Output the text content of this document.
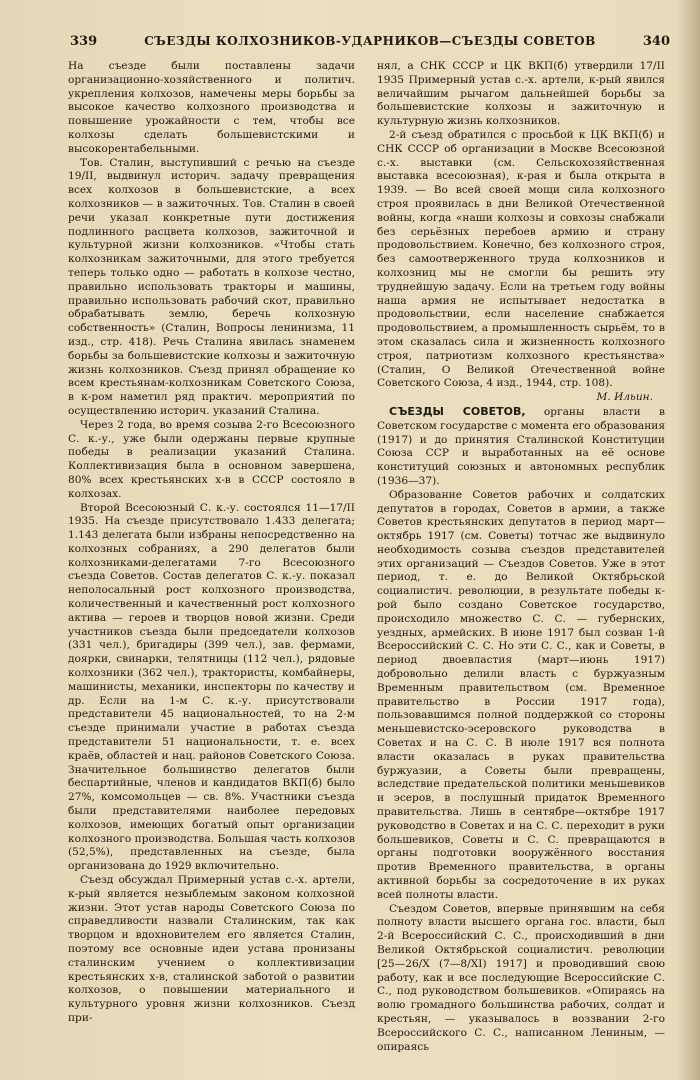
339	СЪЕЗДЫ КОЛХОЗНИКОВ-УДАРНИКОВ—СЪЕЗДЫ СОВЕТОВ	340

На съезде были поставлены задачи организационно-хозяйственного и политич. укрепления колхозов, намечены меры борьбы за высокое качество колхозного производства и повышение урожайности с тем, чтобы все колхозы сделать большевистскими и высокорентабельными.

Тов. Сталин, выступивший с речью на съезде 19/II, выдвинул историч. задачу превращения всех колхозов в большевистские, а всех колхозников — в зажиточных. Тов. Сталин в своей речи указал конкретные пути достижения подлинного расцвета колхозов, зажиточной и культурной жизни колхозников. «Чтобы стать колхозникам зажиточными, для этого требуется теперь только одно — работать в колхозе честно, правильно использовать тракторы и машины, правильно использовать рабочий скот, правильно обрабатывать землю, беречь колхозную собственность» (Сталин, Вопросы ленинизма, 11 изд., стр. 418). Речь Сталина явилась знаменем борьбы за большевистские колхозы и зажиточную жизнь колхозников. Съезд принял обращение ко всем крестьянам-колхозникам Советского Союза, в к-ром наметил ряд практич. мероприятий по осуществлению историч. указаний Сталина.

Через 2 года, во время созыва 2-го Всесоюзного С. к.-у., уже были одержаны первые крупные победы в реализации указаний Сталина. Коллективизация была в основном завершена, 80% всех крестьянских х-в в СССР состояло в колхозах.

Второй Всесоюзный С. к.-у. состоялся 11—17/II 1935. На съезде присутствовало 1.433 делегата; 1.143 делегата были избраны непосредственно на колхозных собраниях, а 290 делегатов были колхозниками-делегатами 7-го Всесоюзного съезда Советов. Состав делегатов С. к.-у. показал неполосальный рост колхозного производства, количественный и качественный рост колхозного актива — героев и творцов новой жизни. Среди участников съезда были председатели колхозов (331 чел.), бригадиры (399 чел.), зав. фермами, доярки, свинарки, телятницы (112 чел.), рядовые колхозники (362 чел.), трактористы, комбайнеры, машинисты, механики, инспекторы по качеству и др. Если на 1-м С. к.-у. присутствовали представители 45 национальностей, то на 2-м съезде принимали участие в работах съезда представители 51 национальности, т. е. всех краёв, областей и нац. районов Советского Союза. Значительное большинство делегатов были беспартийные, членов и кандидатов ВКП(б) было 27%, комсомольцев — св. 8%. Участники съезда были представителями наиболее передовых колхозов, имеющих богатый опыт организации колхозного производства. Большая часть колхозов (52,5%), представленных на съезде, была организована до 1929 включительно.

Съезд обсуждал Примерный устав с.-х. артели, к-рый является незыблемым законом колхозной жизни. Этот устав народы Советского Союза по справедливости назвали Сталинским, так как творцом и вдохновителем его является Сталин, поэтому все основные идеи устава пронизаны сталинским учением о коллективизации крестьянских х-в, сталинской заботой о развитии колхозов, о повышении материального и культурного уровня жизни колхозников. Съезд при-

нял, а СНК СССР и ЦК ВКП(б) утвердили 17/II 1935 Примерный устав с.-х. артели, к-рый явился величайшим рычагом дальнейшей борьбы за большевистские колхозы и зажиточную и культурную жизнь колхозников.

2-й съезд обратился с просьбой к ЦК ВКП(б) и СНК СССР об организации в Москве Всесоюзной с.-х. выставки (см. Сельскохозяйственная выставка всесоюзная), к-рая и была открыта в 1939. — Во всей своей мощи сила колхозного строя проявилась в дни Великой Отечественной войны, когда «наши колхозы и совхозы снабжали без серьёзных перебоев армию и страну продовольствием. Конечно, без колхозного строя, без самоотверженного труда колхозников и колхозниц мы не смогли бы решить эту труднейшую задачу. Если на третьем году войны наша армия не испытывает недостатка в продовольствии, если население снабжается продовольствием, а промышленность сырьём, то в этом сказалась сила и жизненность колхозного строя, патриотизм колхозного крестьянства» (Сталин, О Великой Отечественной войне Советского Союза, 4 изд., 1944, стр. 108).

М. Ильин.

СЪЕЗДЫ СОВЕТОВ, органы власти в Советском государстве с момента его образования (1917) и до принятия Сталинской Конституции Союза ССР и выработанных на её основе конституций союзных и автономных республик (1936—37).

Образование Советов рабочих и солдатских депутатов в городах, Советов в армии, а также Советов крестьянских депутатов в период март—октябрь 1917 (см. Советы) тотчас же выдвинуло необходимость созыва съездов представителей этих организаций — Съездов Советов. Уже в этот период, т. е. до Великой Октябрьской социалистич. революции, в результате победы к-рой было создано Советское государство, происходило множество С. С. — губернских, уездных, армейских. В июне 1917 был созван 1-й Всероссийский С. С. Но эти С. С., как и Советы, в период двоевластия (март—июнь 1917) добровольно делили власть с буржуазным Временным правительством (см. Временное правительство в России 1917 года), пользовавшимся полной поддержкой со стороны меньшевистско-эсеровского руководства в Советах и на С. С. В июле 1917 вся полнота власти оказалась в руках правительства буржуазии, а Советы были превращены, вследствие предательской политики меньшевиков и эсеров, в послушный придаток Временного правительства. Лишь в сентябре—октябре 1917 руководство в Советах и на С. С. переходит в руки большевиков, Советы и С. С. превращаются в органы подготовки вооружённого восстания против Временного правительства, в органы активной борьбы за сосредоточение в их руках всей полноты власти.

Съездом Советов, впервые принявшим на себя полноту власти высшего органа гос. власти, был 2-й Всероссийский С. С., происходивший в дни Великой Октябрьской социалистич. революции [25—26/X (7—8/XI) 1917] и проводивший свою работу, как и все последующие Всероссийские С. С., под руководством большевиков. «Опираясь на волю громадного большинства рабочих, солдат и крестьян, — указывалось в воззвании 2-го Всероссийского С. С., написанном Лениным, — опираясь
